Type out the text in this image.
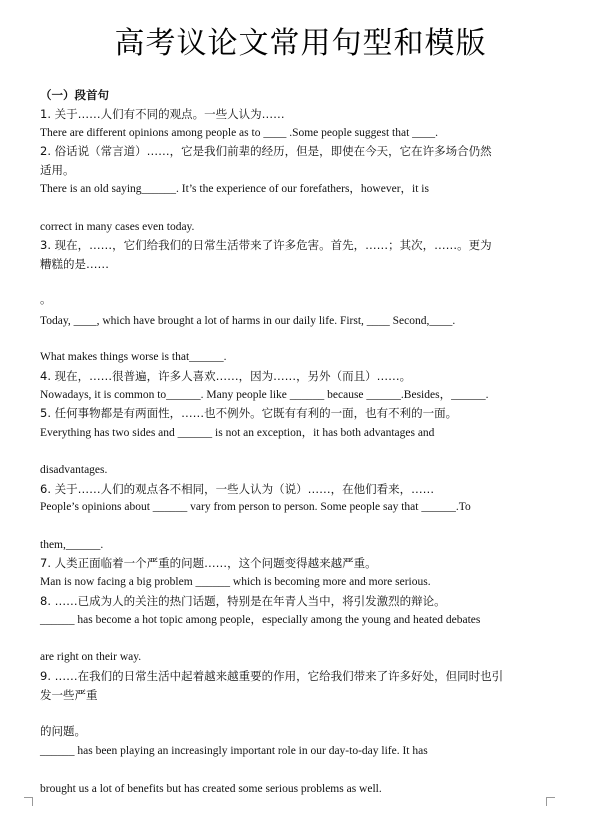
高考议论文常用句型和模版
（一）段首句
1. 关于……人们有不同的观点。一些人认为……
There are different opinions among people as to ____ .Some people suggest that ____.
2. 俗话说（常言道）……，它是我们前辈的经历，但是，即使在今天，它在许多场合仍然
适用。
There is an old saying______. It’s the experience of our forefathers，however，it is
correct in many cases even today.
3. 现在，……，它们给我们的日常生活带来了许多危害。首先，……；其次，……。更为
糟糕的是……
。
Today, ____, which have brought a lot of harms in our daily life. First, ____ Second,____.
What makes things worse is that______.
4. 现在，……很普遍，许多人喜欢……，因为……，另外（而且）……。
Nowadays, it is common to______. Many people like ______ because ______.Besides，______.
5. 任何事物都是有两面性，……也不例外。它既有有利的一面，也有不利的一面。
Everything has two sides and ______ is not an exception，it has both advantages and
disadvantages.
6. 关于……人们的观点各不相同，一些人认为（说）……，在他们看来，……
People’s opinions about ______ vary from person to person. Some people say that ______.To
them,______.
7. 人类正面临着一个严重的问题……，这个问题变得越来越严重。
Man is now facing a big problem ______ which is becoming more and more serious.
8. ……已成为人的关注的热门话题，特别是在年青人当中，将引发激烈的辩论。
______ has become a hot topic among people，especially among the young and heated debates
are right on their way.
9. ……在我们的日常生活中起着越来越重要的作用，它给我们带来了许多好处，但同时也引
发一些严重
的问题。
______ has been playing an increasingly important role in our day-to-day life. It has
brought us a lot of benefits but has created some serious problems as well.
